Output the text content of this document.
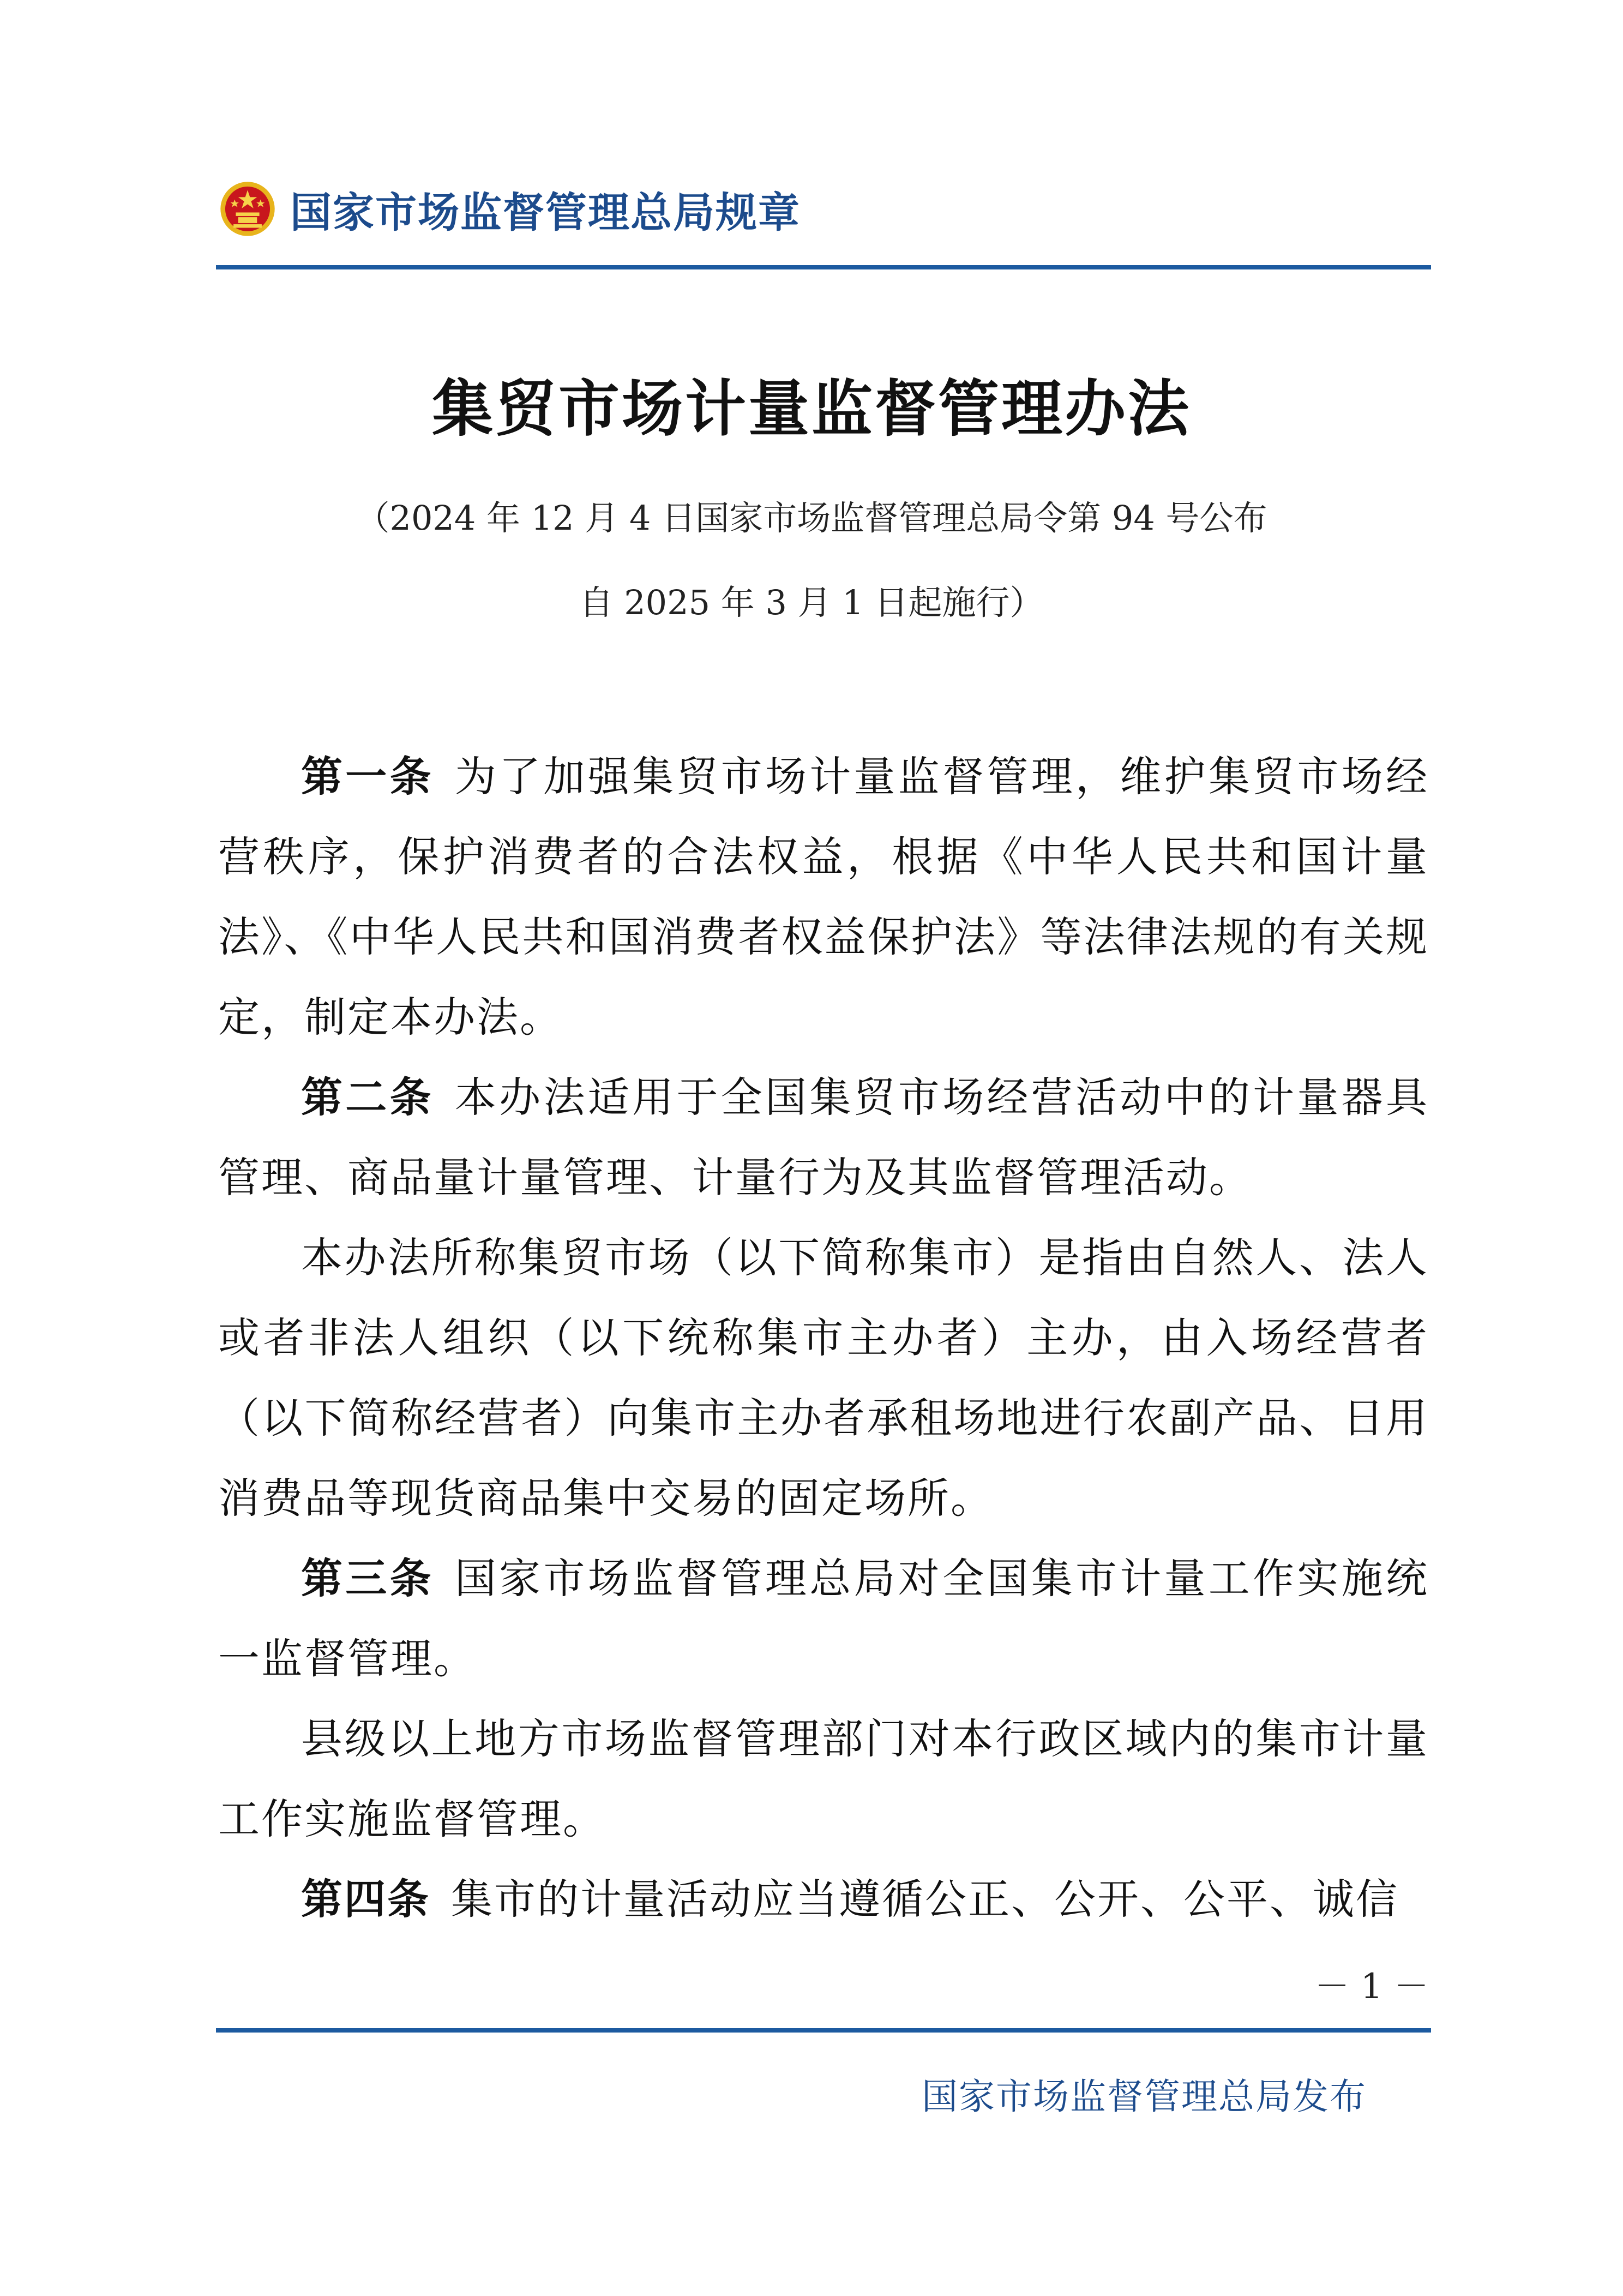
国家市场监督管理总局规章
集贸市场计量监督管理办法
（2024 年 12 月 4 日国家市场监督管理总局令第 94 号公布
自 2025 年 3 月 1 日起施行）

第一条 为了加强集贸市场计量监督管理，维护集贸市场经营秩序，保护消费者的合法权益，根据《中华人民共和国计量法》、《中华人民共和国消费者权益保护法》等法律法规的有关规定，制定本办法。

第二条 本办法适用于全国集贸市场经营活动中的计量器具管理、商品量计量管理、计量行为及其监督管理活动。

本办法所称集贸市场（以下简称集市）是指由自然人、法人或者非法人组织（以下统称集市主办者）主办，由入场经营者（以下简称经营者）向集市主办者承租场地进行农副产品、日用消费品等现货商品集中交易的固定场所。

第三条 国家市场监督管理总局对全国集市计量工作实施统一监督管理。

县级以上地方市场监督管理部门对本行政区域内的集市计量工作实施监督管理。

第四条 集市的计量活动应当遵循公正、公开、公平、诚信

－ 1 －
国家市场监督管理总局发布
